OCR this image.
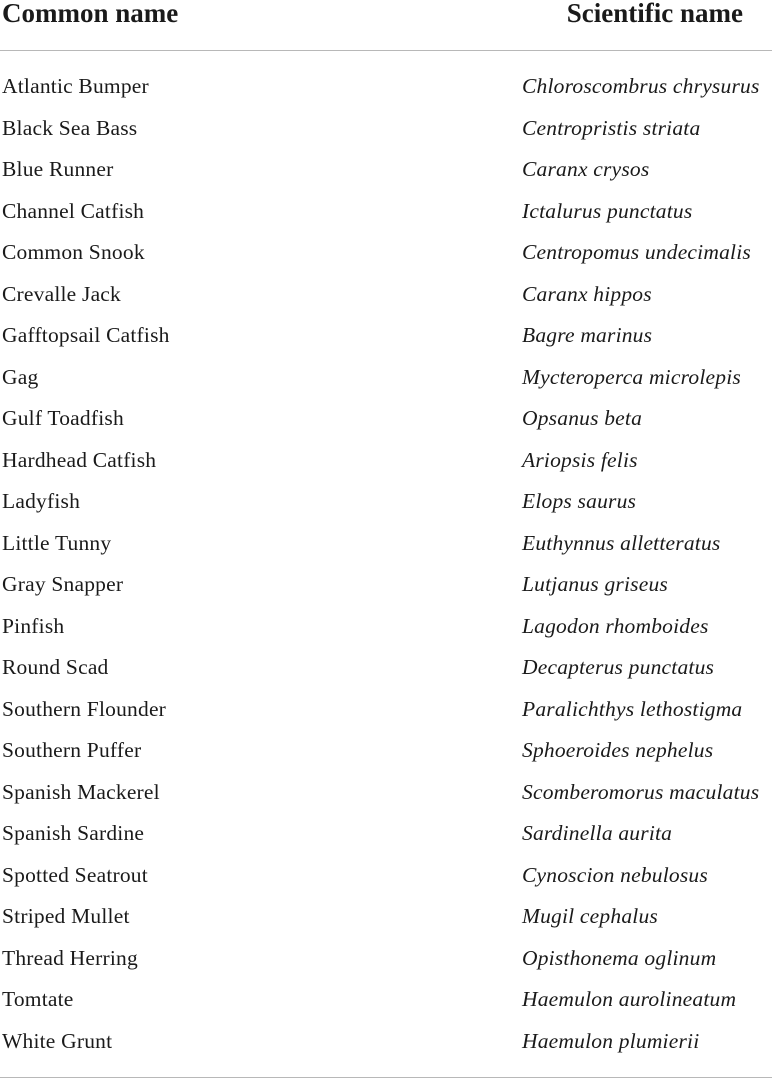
Common name	Scientific name
Atlantic Bumper	Chloroscombrus chrysurus
Black Sea Bass	Centropristis striata
Blue Runner	Caranx crysos
Channel Catfish	Ictalurus punctatus
Common Snook	Centropomus undecimalis
Crevalle Jack	Caranx hippos
Gafftopsail Catfish	Bagre marinus
Gag	Mycteroperca microlepis
Gulf Toadfish	Opsanus beta
Hardhead Catfish	Ariopsis felis
Ladyfish	Elops saurus
Little Tunny	Euthynnus alletteratus
Gray Snapper	Lutjanus griseus
Pinfish	Lagodon rhomboides
Round Scad	Decapterus punctatus
Southern Flounder	Paralichthys lethostigma
Southern Puffer	Sphoeroides nephelus
Spanish Mackerel	Scomberomorus maculatus
Spanish Sardine	Sardinella aurita
Spotted Seatrout	Cynoscion nebulosus
Striped Mullet	Mugil cephalus
Thread Herring	Opisthonema oglinum
Tomtate	Haemulon aurolineatum
White Grunt	Haemulon plumierii
